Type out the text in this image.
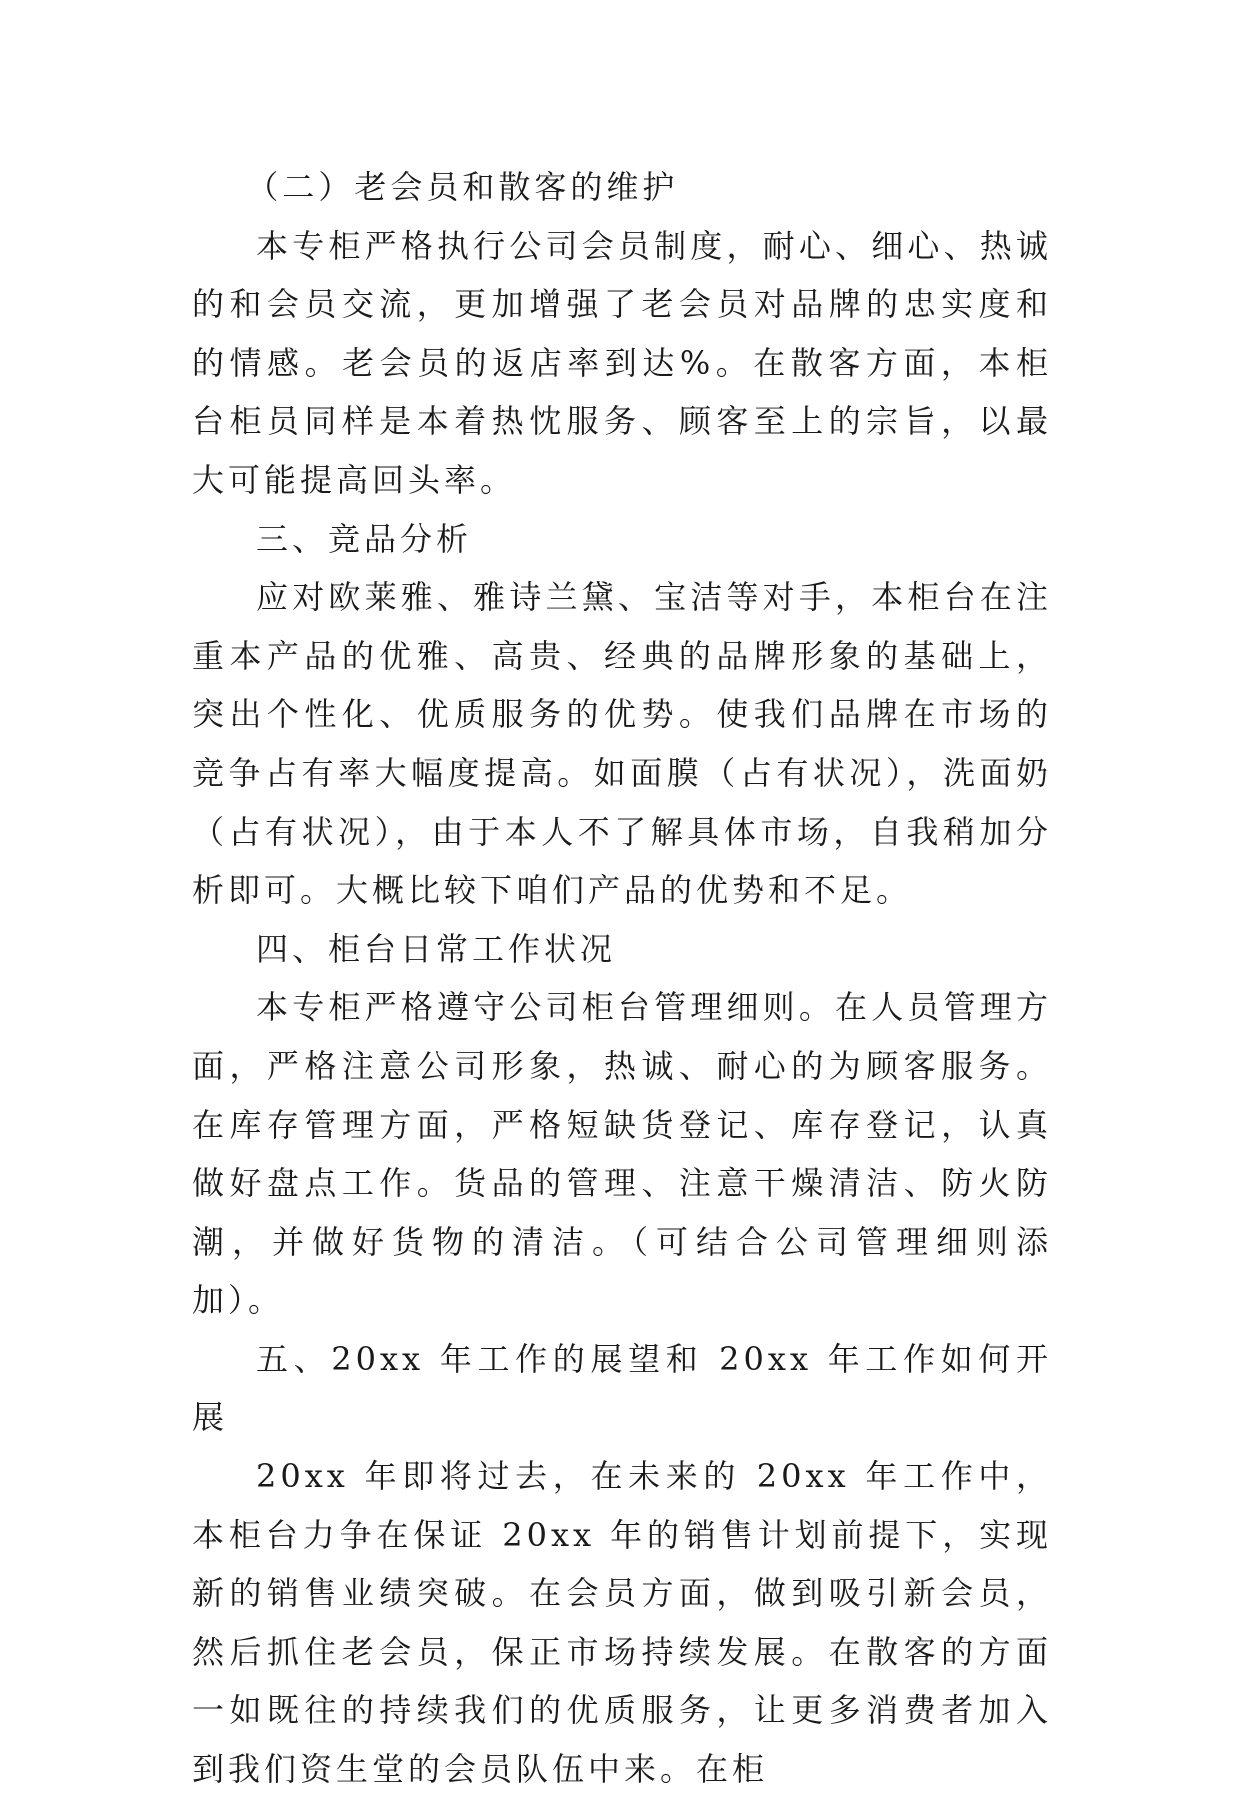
（二）老会员和散客的维护

本专柜严格执行公司会员制度，耐心、细心、热诚的和会员交流，更加增强了老会员对品牌的忠实度和的情感。老会员的返店率到达%。在散客方面，本柜台柜员同样是本着热忱服务、顾客至上的宗旨，以最大可能提高回头率。

三、竞品分析

应对欧莱雅、雅诗兰黛、宝洁等对手，本柜台在注重本产品的优雅、高贵、经典的品牌形象的基础上，突出个性化、优质服务的优势。使我们品牌在市场的竞争占有率大幅度提高。如面膜（占有状况），洗面奶（占有状况），由于本人不了解具体市场，自我稍加分析即可。大概比较下咱们产品的优势和不足。

四、柜台日常工作状况

本专柜严格遵守公司柜台管理细则。在人员管理方面，严格注意公司形象，热诚、耐心的为顾客服务。在库存管理方面，严格短缺货登记、库存登记，认真做好盘点工作。货品的管理、注意干燥清洁、防火防潮，并做好货物的清洁。（可结合公司管理细则添加）。

五、20xx 年工作的展望和 20xx 年工作如何开展

20xx 年即将过去，在未来的 20xx 年工作中，本柜台力争在保证 20xx 年的销售计划前提下，实现新的销售业绩突破。在会员方面，做到吸引新会员，然后抓住老会员，保正市场持续发展。在散客的方面一如既往的持续我们的优质服务，让更多消费者加入到我们资生堂的会员队伍中来。在柜
